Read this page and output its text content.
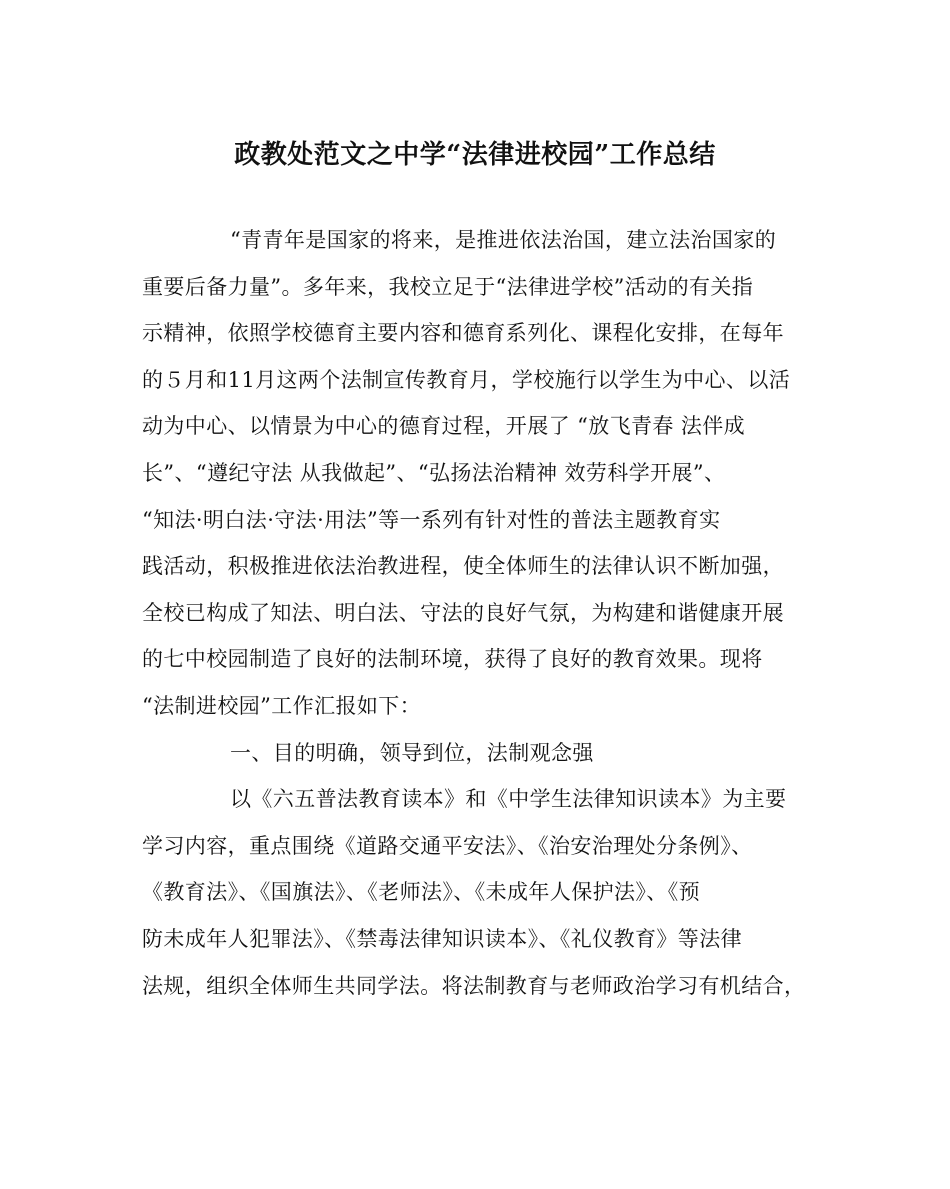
政教处范文之中学“法律进校园”工作总结
“青青年是国家的将来，是推进依法治国，建立法治国家的
重要后备力量”。多年来，我校立足于“法律进学校”活动的有关指
示精神，依照学校德育主要内容和德育系列化、课程化安排，在每年
的５月和11月这两个法制宣传教育月，学校施行以学生为中心、以活
动为中心、以情景为中心的德育过程，开展了 “放飞青春 法伴成
长”、“遵纪守法 从我做起”、“弘扬法治精神 效劳科学开展”、
“知法·明白法·守法·用法”等一系列有针对性的普法主题教育实
践活动，积极推进依法治教进程，使全体师生的法律认识不断加强，
全校已构成了知法、明白法、守法的良好气氛，为构建和谐健康开展
的七中校园制造了良好的法制环境，获得了良好的教育效果。现将
“法制进校园”工作汇报如下：
一、目的明确，领导到位，法制观念强
以《六五普法教育读本》和《中学生法律知识读本》为主要
学习内容，重点围绕《道路交通平安法》、《治安治理处分条例》、
《教育法》、《国旗法》、《老师法》、《未成年人保护法》、《预
防未成年人犯罪法》、《禁毒法律知识读本》、《礼仪教育》等法律
法规，组织全体师生共同学法。将法制教育与老师政治学习有机结合，
